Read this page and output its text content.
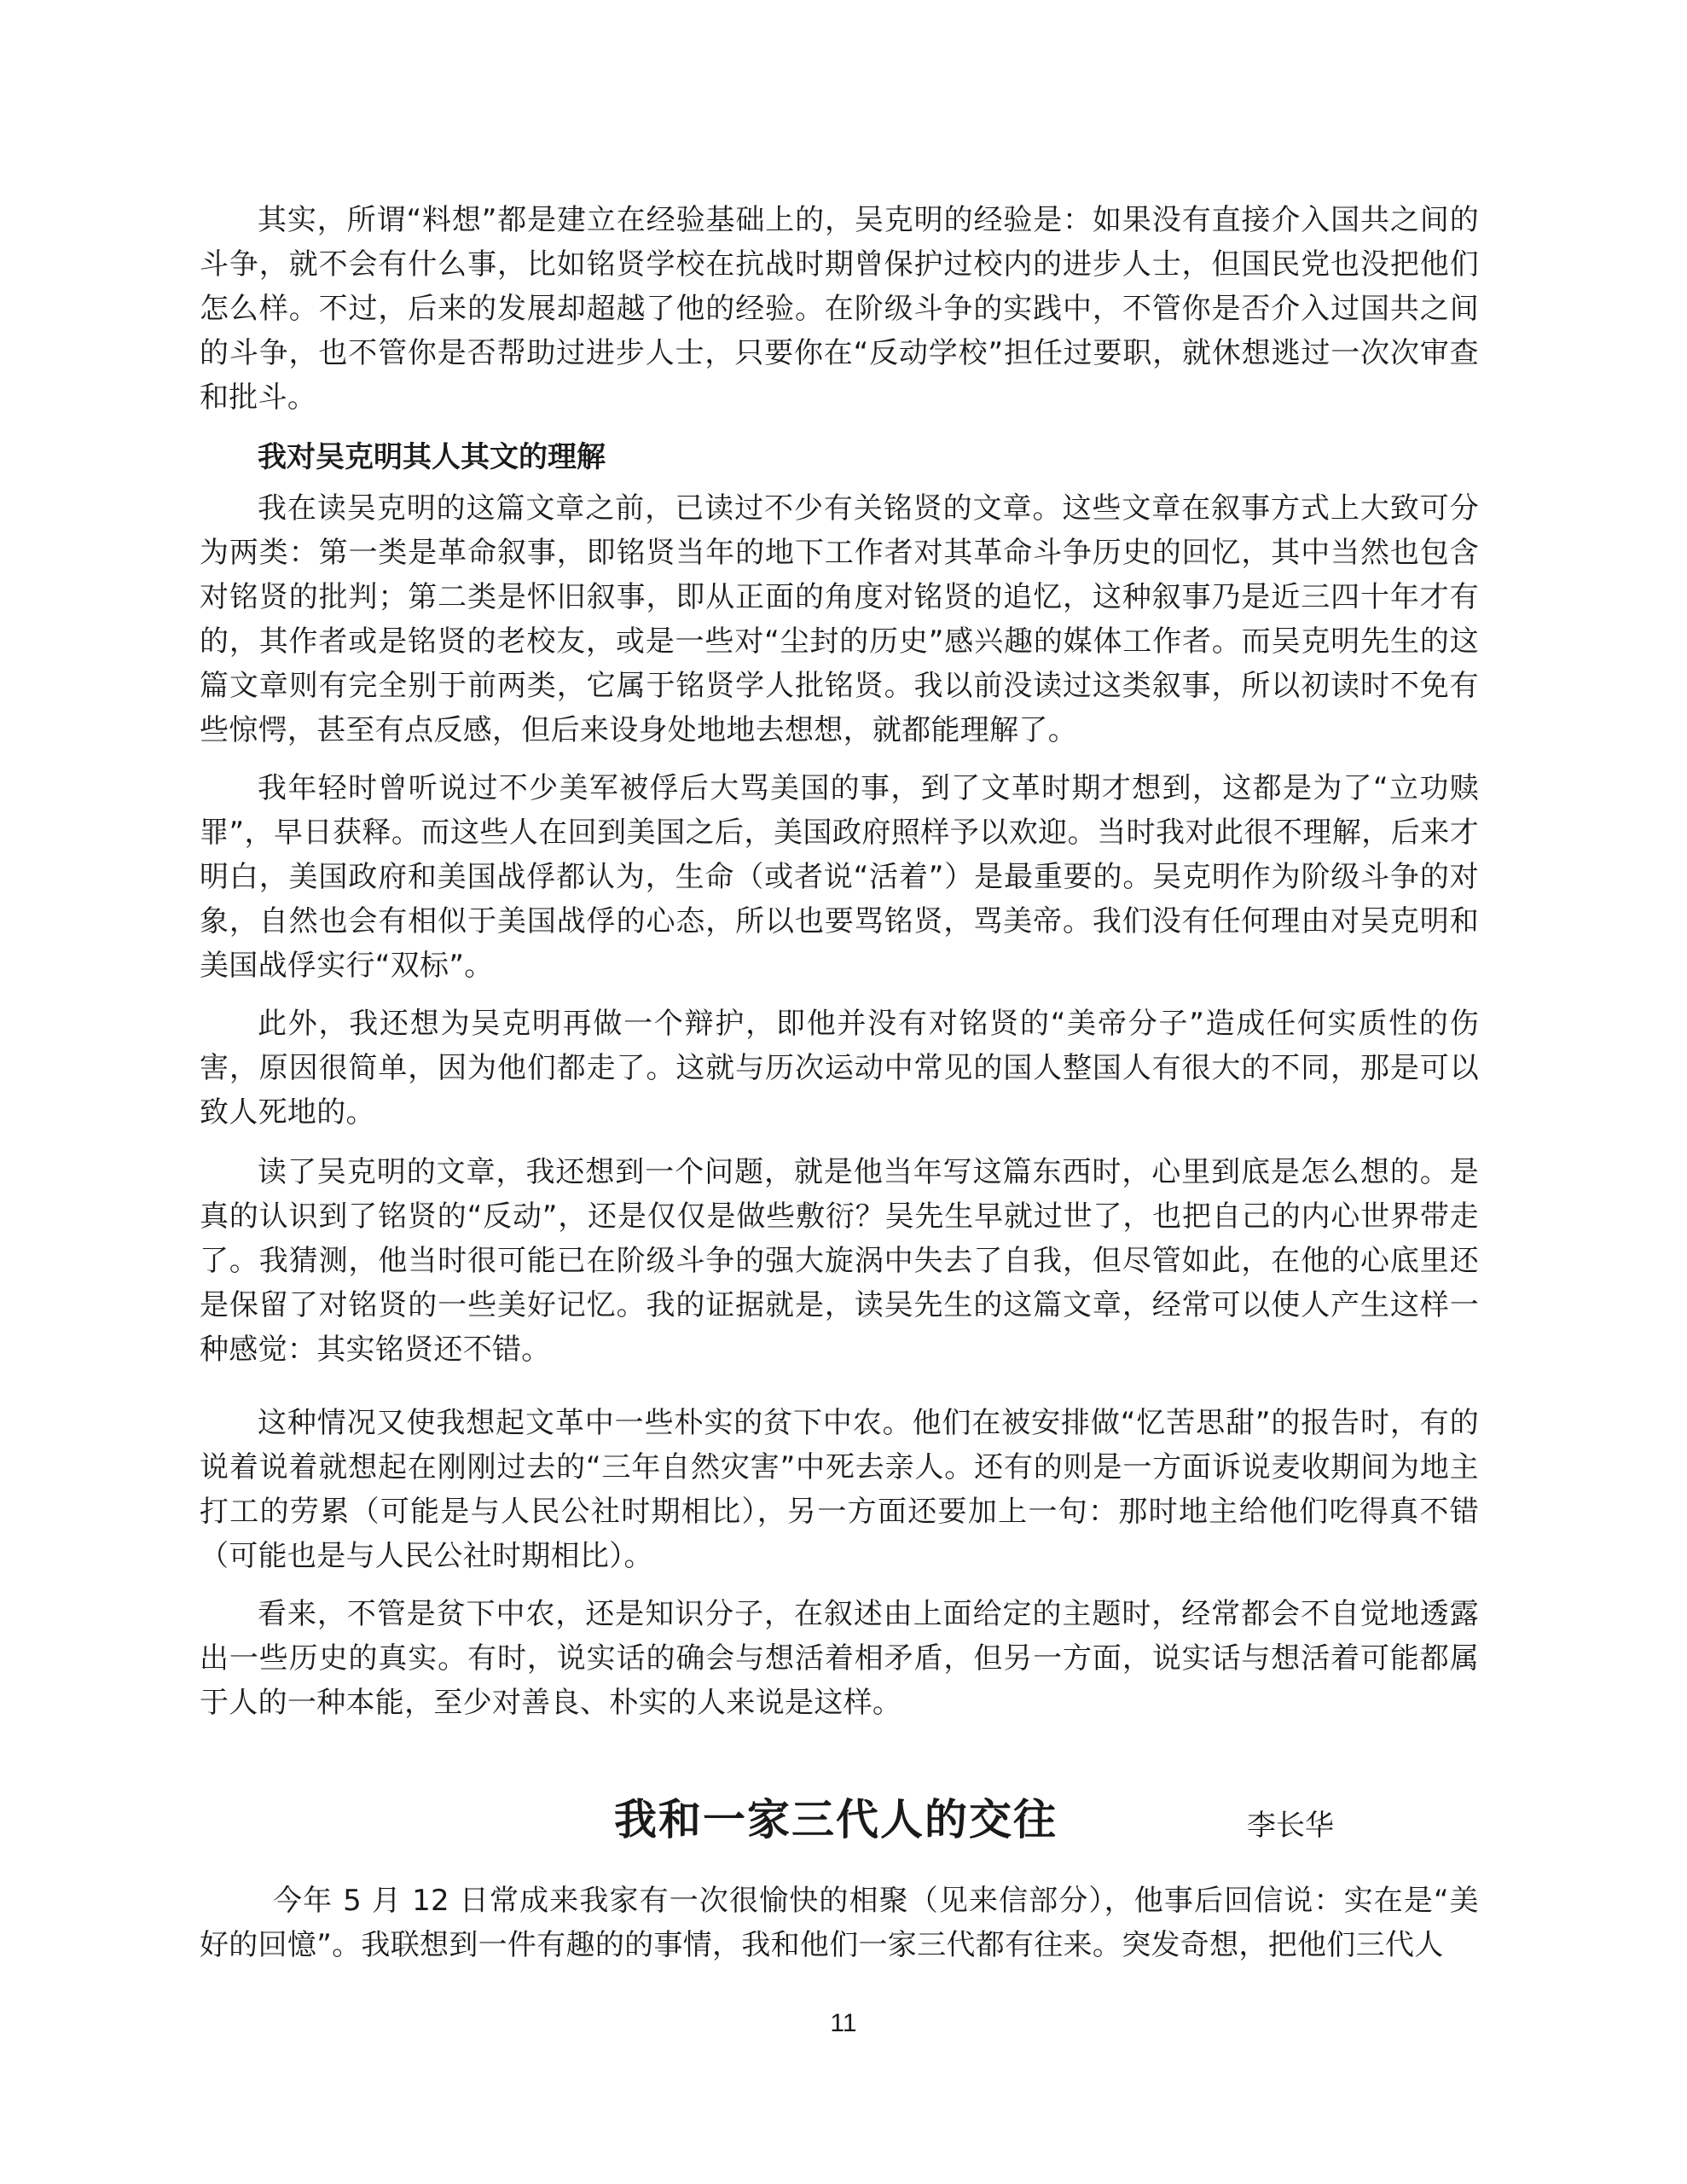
其实，所谓“料想”都是建立在经验基础上的，吴克明的经验是：如果没有直接介入国共之间的斗争，就不会有什么事，比如铭贤学校在抗战时期曾保护过校内的进步人士，但国民党也没把他们怎么样。不过，后来的发展却超越了他的经验。在阶级斗争的实践中，不管你是否介入过国共之间的斗争，也不管你是否帮助过进步人士，只要你在“反动学校”担任过要职，就休想逃过一次次审查和批斗。

我对吴克明其人其文的理解

我在读吴克明的这篇文章之前，已读过不少有关铭贤的文章。这些文章在叙事方式上大致可分为两类：第一类是革命叙事，即铭贤当年的地下工作者对其革命斗争历史的回忆，其中当然也包含对铭贤的批判；第二类是怀旧叙事，即从正面的角度对铭贤的追忆，这种叙事乃是近三四十年才有的，其作者或是铭贤的老校友，或是一些对“尘封的历史”感兴趣的媒体工作者。而吴克明先生的这篇文章则有完全别于前两类，它属于铭贤学人批铭贤。我以前没读过这类叙事，所以初读时不免有些惊愕，甚至有点反感，但后来设身处地地去想想，就都能理解了。

我年轻时曾听说过不少美军被俘后大骂美国的事，到了文革时期才想到，这都是为了“立功赎罪”，早日获释。而这些人在回到美国之后，美国政府照样予以欢迎。当时我对此很不理解，后来才明白，美国政府和美国战俘都认为，生命（或者说“活着”）是最重要的。吴克明作为阶级斗争的对象，自然也会有相似于美国战俘的心态，所以也要骂铭贤，骂美帝。我们没有任何理由对吴克明和美国战俘实行“双标”。

此外，我还想为吴克明再做一个辩护，即他并没有对铭贤的“美帝分子”造成任何实质性的伤害，原因很简单，因为他们都走了。这就与历次运动中常见的国人整国人有很大的不同，那是可以致人死地的。

读了吴克明的文章，我还想到一个问题，就是他当年写这篇东西时，心里到底是怎么想的。是真的认识到了铭贤的“反动”，还是仅仅是做些敷衍？吴先生早就过世了，也把自己的内心世界带走了。我猜测，他当时很可能已在阶级斗争的强大旋涡中失去了自我，但尽管如此，在他的心底里还是保留了对铭贤的一些美好记忆。我的证据就是，读吴先生的这篇文章，经常可以使人产生这样一种感觉：其实铭贤还不错。

这种情况又使我想起文革中一些朴实的贫下中农。他们在被安排做“忆苦思甜”的报告时，有的说着说着就想起在刚刚过去的“三年自然灾害”中死去亲人。还有的则是一方面诉说麦收期间为地主打工的劳累（可能是与人民公社时期相比），另一方面还要加上一句：那时地主给他们吃得真不错（可能也是与人民公社时期相比）。

看来，不管是贫下中农，还是知识分子，在叙述由上面给定的主题时，经常都会不自觉地透露出一些历史的真实。有时，说实话的确会与想活着相矛盾，但另一方面，说实话与想活着可能都属于人的一种本能，至少对善良、朴实的人来说是这样。

我和一家三代人的交往	李长华

今年 5 月 12 日常成来我家有一次很愉快的相聚（见来信部分），他事后回信说：实在是“美好的回憶”。我联想到一件有趣的的事情，我和他们一家三代都有往来。突发奇想，把他们三代人

11
